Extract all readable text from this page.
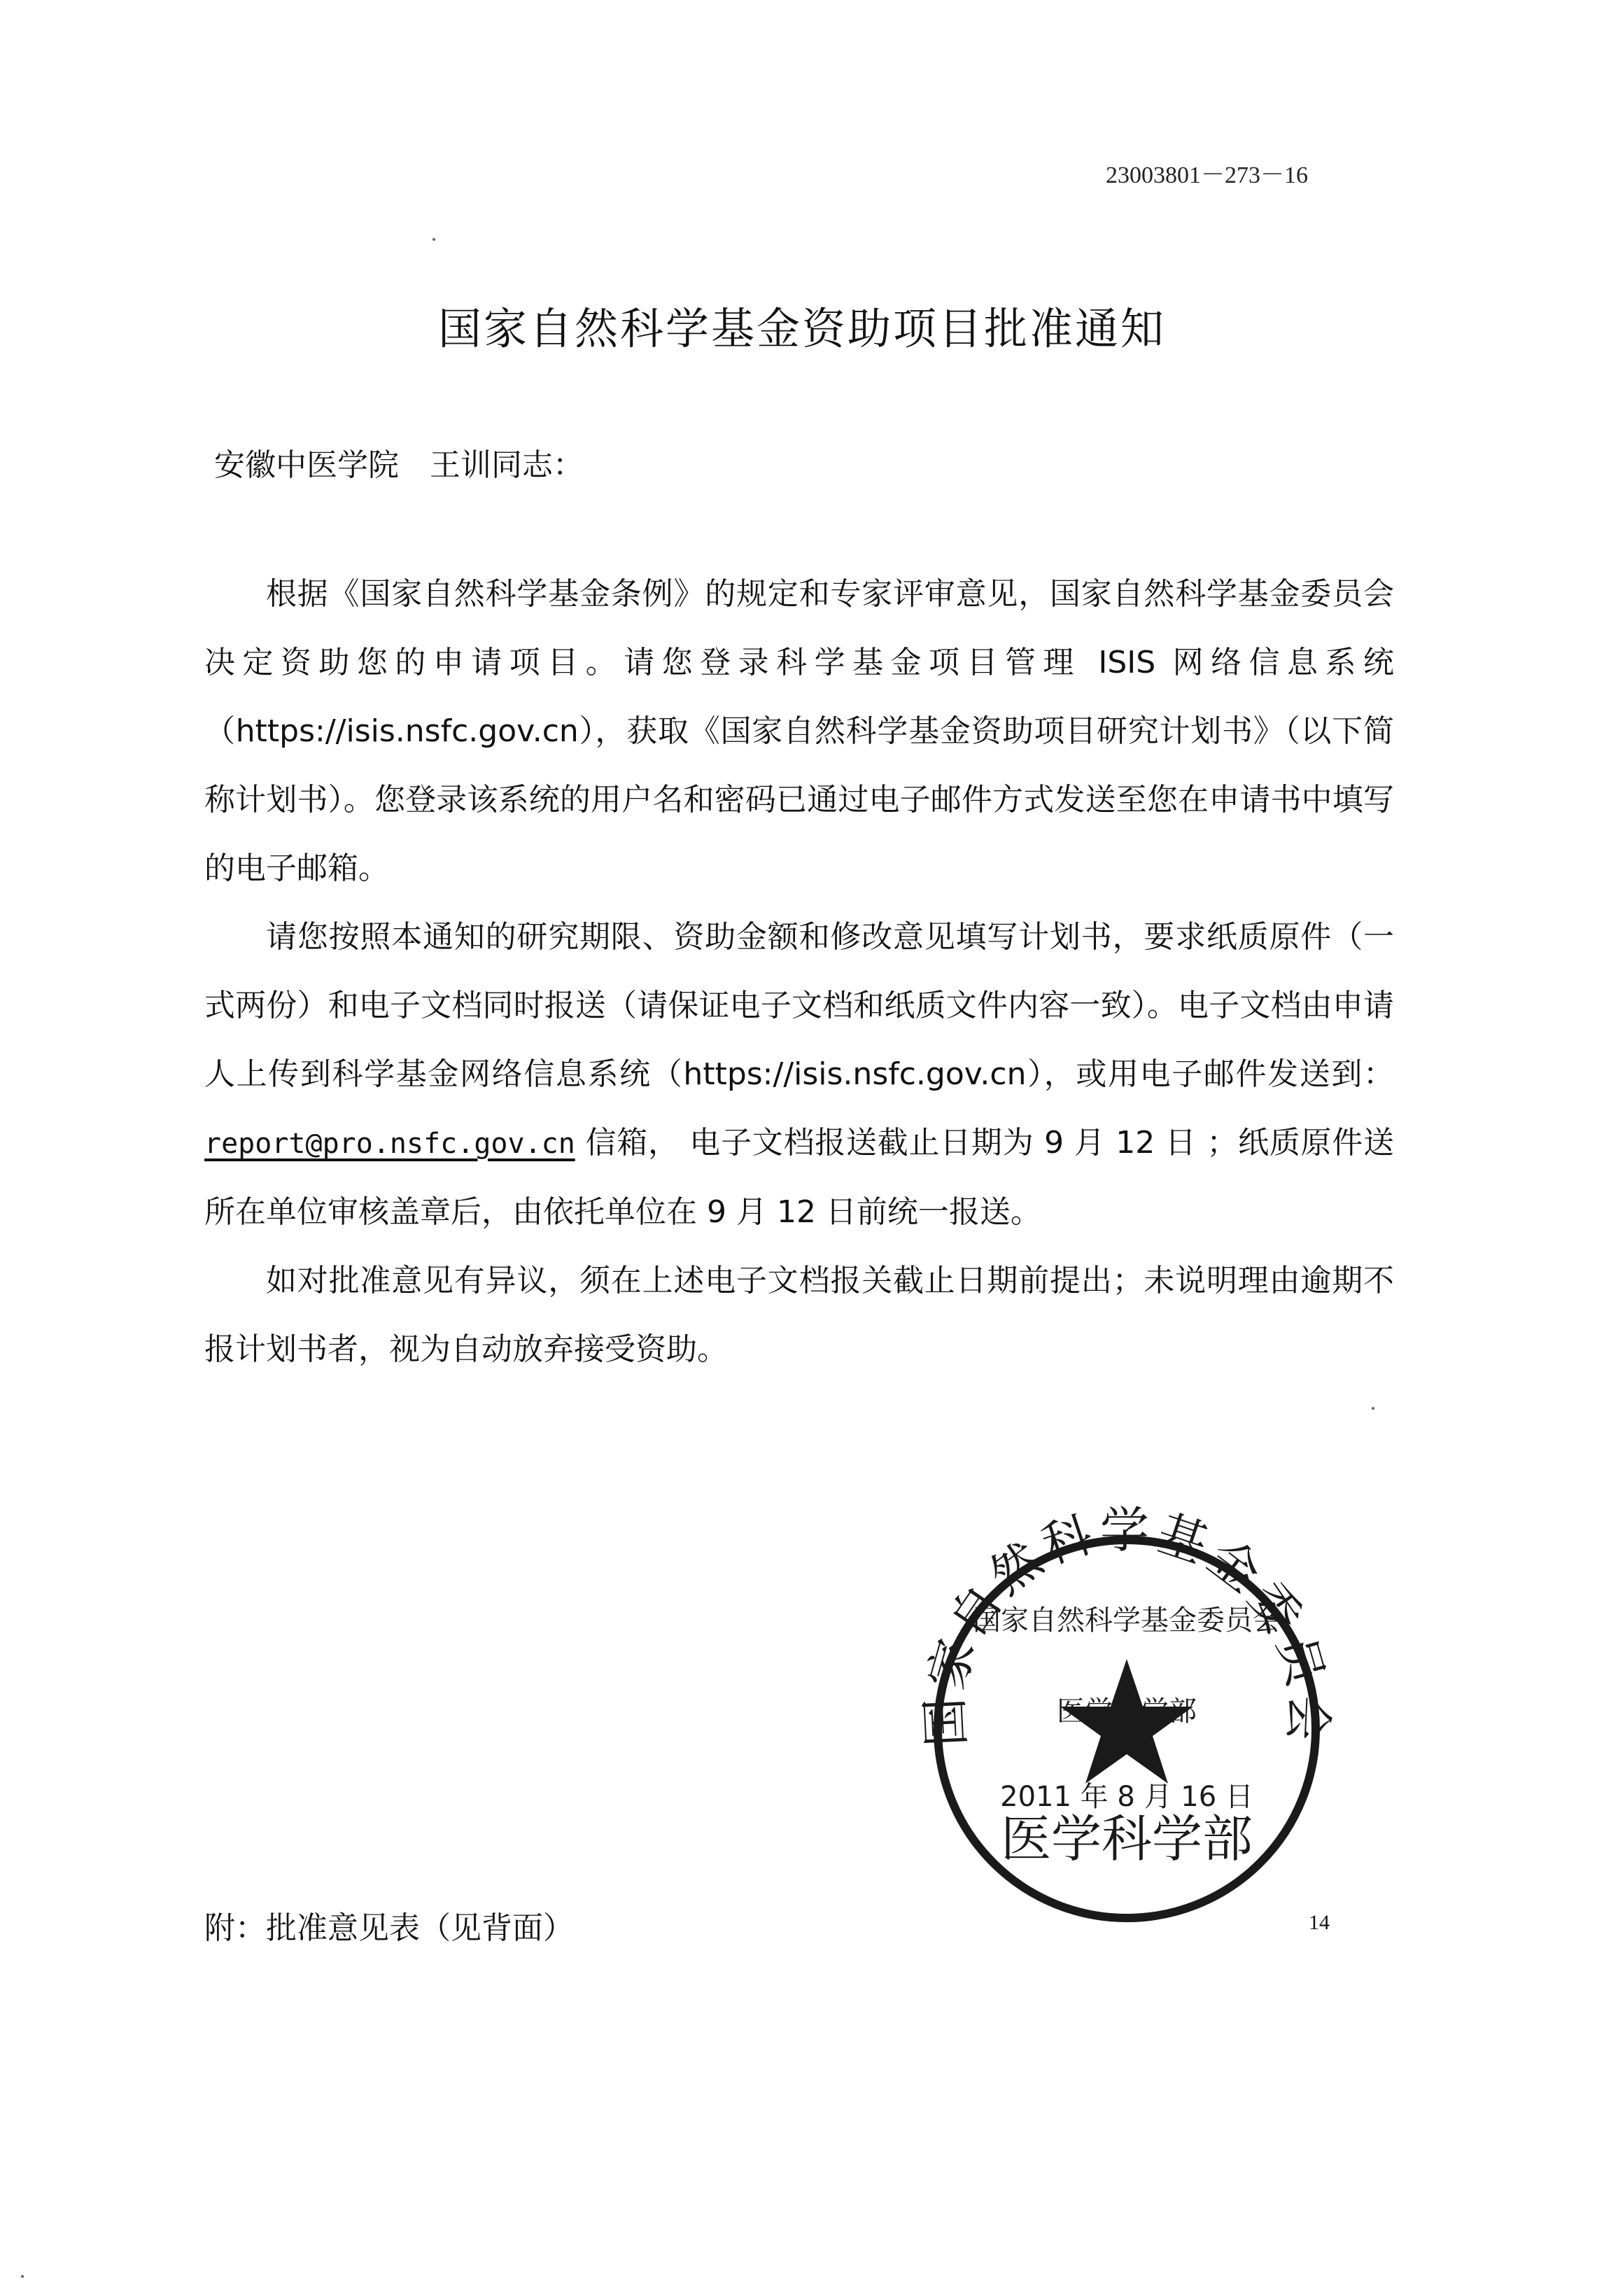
23003801－273－16
国家自然科学基金资助项目批准通知
安徽中医学院 王训同志：

根据《国家自然科学基金条例》的规定和专家评审意见，国家自然科学基金委员会决定资助您的申请项目。请您登录科学基金项目管理 ISIS 网络信息系统（https://isis.nsfc.gov.cn），获取《国家自然科学基金资助项目研究计划书》（以下简称计划书）。您登录该系统的用户名和密码已通过电子邮件方式发送至您在申请书中填写的电子邮箱。

请您按照本通知的研究期限、资助金额和修改意见填写计划书，要求纸质原件（一式两份）和电子文档同时报送（请保证电子文档和纸质文件内容一致）。电子文档由申请人上传到科学基金网络信息系统（https://isis.nsfc.gov.cn），或用电子邮件发送到：report@pro.nsfc.gov.cn 信箱， 电子文档报送截止日期为 9 月 12 日 ；纸质原件送所在单位审核盖章后，由依托单位在 9 月 12 日前统一报送。

如对批准意见有异议，须在上述电子文档报关截止日期前提出；未说明理由逾期不报计划书者，视为自动放弃接受资助。

国家自然科学基金委员会
医学科学部
国家自然科学基金委员会
医学科学部
2011 年 8 月 16 日
附：批准意见表（见背面）	14
